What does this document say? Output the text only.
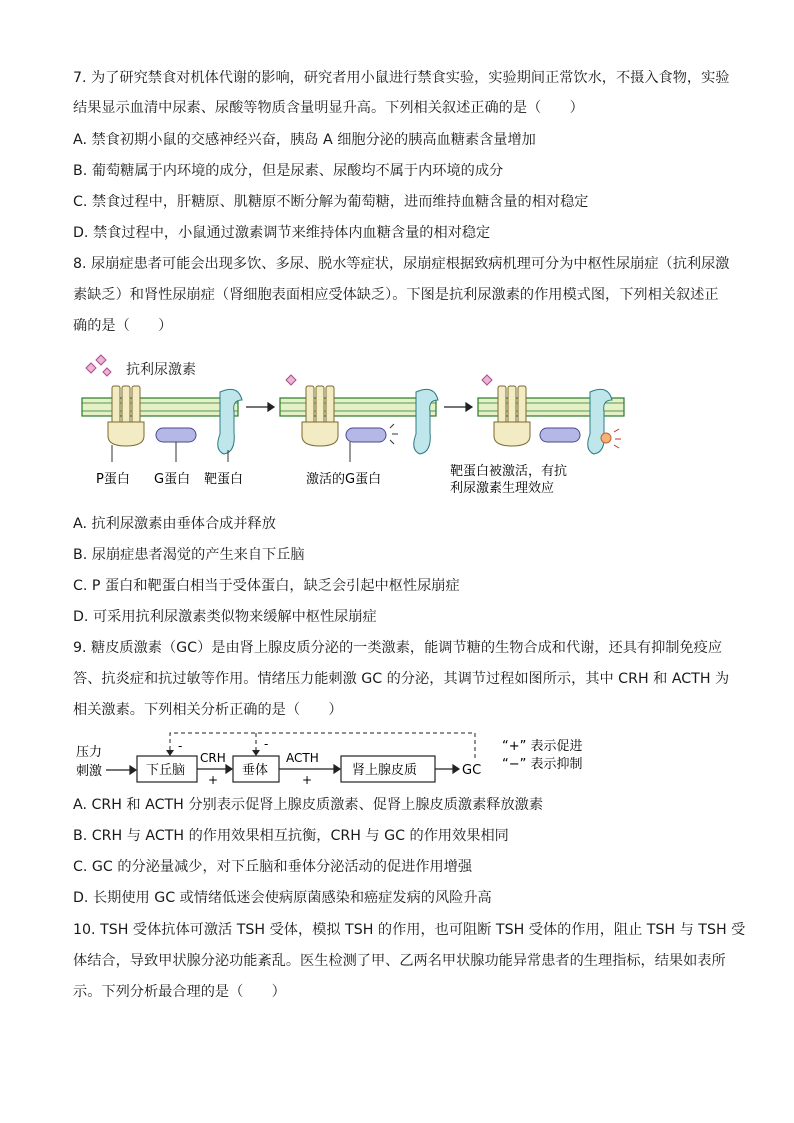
7. 为了研究禁食对机体代谢的影响，研究者用小鼠进行禁食实验，实验期间正常饮水，不摄入食物，实验
结果显示血清中尿素、尿酸等物质含量明显升高。下列相关叙述正确的是（　　）
A. 禁食初期小鼠的交感神经兴奋，胰岛 A 细胞分泌的胰高血糖素含量增加
B. 葡萄糖属于内环境的成分，但是尿素、尿酸均不属于内环境的成分
C. 禁食过程中，肝糖原、肌糖原不断分解为葡萄糖，进而维持血糖含量的相对稳定
D. 禁食过程中，小鼠通过激素调节来维持体内血糖含量的相对稳定
8. 尿崩症患者可能会出现多饮、多尿、脱水等症状，尿崩症根据致病机理可分为中枢性尿崩症（抗利尿激
素缺乏）和肾性尿崩症（肾细胞表面相应受体缺乏）。下图是抗利尿激素的作用模式图，下列相关叙述正
确的是（　　）
抗利尿激素
P蛋白 G蛋白 靶蛋白	激活的G蛋白
靶蛋白被激活，有抗
利尿激素生理效应
A. 抗利尿激素由垂体合成并释放
B. 尿崩症患者渴觉的产生来自下丘脑
C. P 蛋白和靶蛋白相当于受体蛋白，缺乏会引起中枢性尿崩症
D. 可采用抗利尿激素类似物来缓解中枢性尿崩症
9. 糖皮质激素（GC）是由肾上腺皮质分泌的一类激素，能调节糖的生物合成和代谢，还具有抑制免疫应
答、抗炎症和抗过敏等作用。情绪压力能刺激 GC 的分泌，其调节过程如图所示，其中 CRH 和 ACTH 为
相关激素。下列相关分析正确的是（　　）
压力
刺激	下丘脑
CRH
+
垂体
ACTH
+
肾上腺皮质	GC
-	-	“+” 表示促进
“−” 表示抑制
A. CRH 和 ACTH 分别表示促肾上腺皮质激素、促肾上腺皮质激素释放激素
B. CRH 与 ACTH 的作用效果相互抗衡，CRH 与 GC 的作用效果相同
C. GC 的分泌量减少，对下丘脑和垂体分泌活动的促进作用增强
D. 长期使用 GC 或情绪低迷会使病原菌感染和癌症发病的风险升高
10. TSH 受体抗体可激活 TSH 受体，模拟 TSH 的作用，也可阻断 TSH 受体的作用，阻止 TSH 与 TSH 受
体结合，导致甲状腺分泌功能紊乱。医生检测了甲、乙两名甲状腺功能异常患者的生理指标，结果如表所
示。下列分析最合理的是（　　）
